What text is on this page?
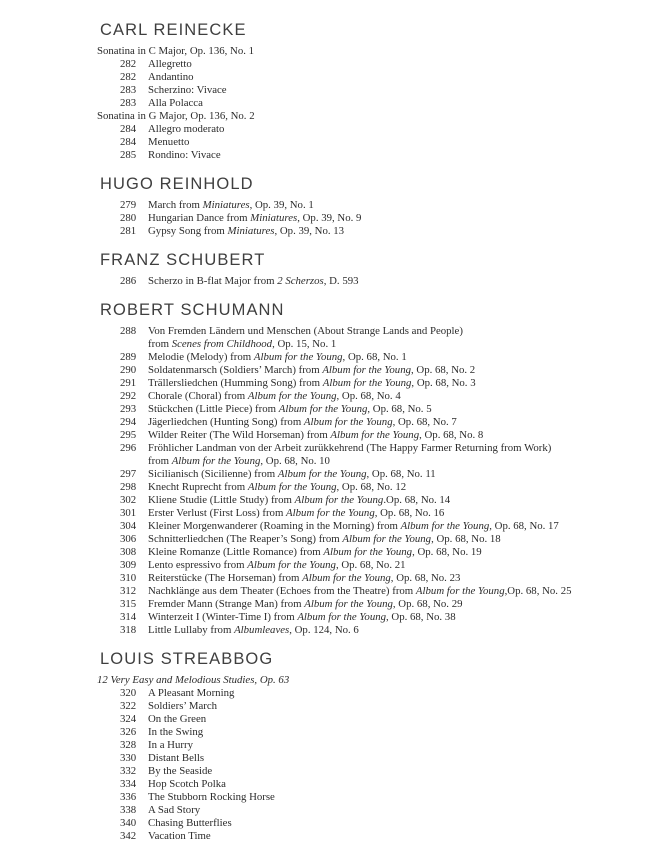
CARL REINECKE
Sonatina in C Major, Op. 136, No. 1
282	Allegretto
282	Andantino
283	Scherzino: Vivace
283	Alla Polacca
Sonatina in G Major, Op. 136, No. 2
284	Allegro moderato
284	Menuetto
285	Rondino: Vivace
HUGO REINHOLD
279	March from Miniatures, Op. 39, No. 1
280	Hungarian Dance from Miniatures, Op. 39, No. 9
281	Gypsy Song from Miniatures, Op. 39, No. 13
FRANZ SCHUBERT
286	Scherzo in B-flat Major from 2 Scherzos, D. 593
ROBERT SCHUMANN
288	Von Fremden Ländern und Menschen (About Strange Lands and People)
from Scenes from Childhood, Op. 15, No. 1
289	Melodie (Melody) from Album for the Young, Op. 68, No. 1
290	Soldatenmarsch (Soldiers’ March) from Album for the Young, Op. 68, No. 2
291	Trällersliedchen (Humming Song) from Album for the Young, Op. 68, No. 3
292	Chorale (Choral) from Album for the Young, Op. 68, No. 4
293	Stückchen (Little Piece) from Album for the Young, Op. 68, No. 5
294	Jägerliedchen (Hunting Song) from Album for the Young, Op. 68, No. 7
295	Wilder Reiter (The Wild Horseman) from Album for the Young, Op. 68, No. 8
296	Fröhlicher Landman von der Arbeit zurükkehrend (The Happy Farmer Returning from Work)
from Album for the Young, Op. 68, No. 10
297	Sicilianisch (Sicilienne) from Album for the Young, Op. 68, No. 11
298	Knecht Ruprecht from Album for the Young, Op. 68, No. 12
302	Kliene Studie (Little Study) from Album for the Young.Op. 68, No. 14
301	Erster Verlust (First Loss) from Album for the Young, Op. 68, No. 16
304	Kleiner Morgenwanderer (Roaming in the Morning) from Album for the Young, Op. 68, No. 17
306	Schnitterliedchen (The Reaper’s Song) from Album for the Young, Op. 68, No. 18
308	Kleine Romanze (Little Romance) from Album for the Young, Op. 68, No. 19
309	Lento espressivo from Album for the Young, Op. 68, No. 21
310	Reiterstücke (The Horseman) from Album for the Young, Op. 68, No. 23
312	Nachklänge aus dem Theater (Echoes from the Theatre) from Album for the Young,Op. 68, No. 25
315	Fremder Mann (Strange Man) from Album for the Young, Op. 68, No. 29
314	Winterzeit I (Winter-Time I) from Album for the Young, Op. 68, No. 38
318	Little Lullaby from Albumleaves, Op. 124, No. 6
LOUIS STREABBOG
12 Very Easy and Melodious Studies, Op. 63
320	A Pleasant Morning
322	Soldiers’ March
324	On the Green
326	In the Swing
328	In a Hurry
330	Distant Bells
332	By the Seaside
334	Hop Scotch Polka
336	The Stubborn Rocking Horse
338	A Sad Story
340	Chasing Butterflies
342	Vacation Time
